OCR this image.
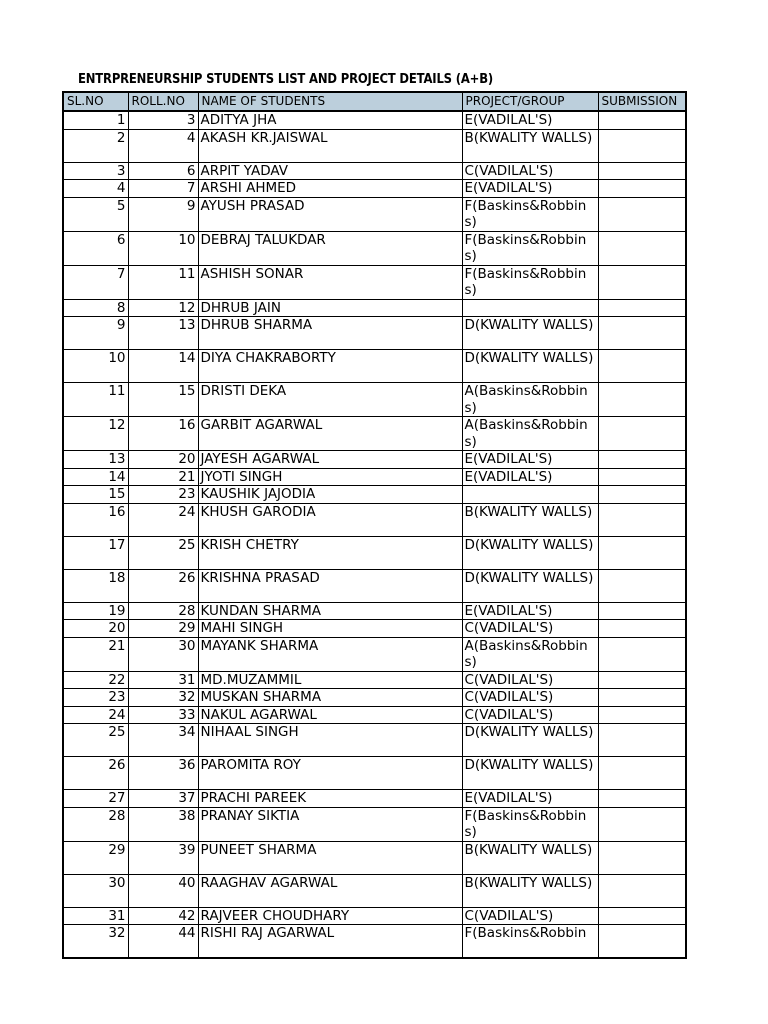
ENTRPRENEURSHIP STUDENTS LIST AND PROJECT DETAILS (A+B)
SL.NO	ROLL.NO	NAME OF STUDENTS	PROJECT/GROUP	SUBMISSION
1	3	ADITYA JHA	E(VADILAL'S)	
2	4	AKASH KR.JAISWAL	B(KWALITY WALLS)	
3	6	ARPIT YADAV	C(VADILAL'S)	
4	7	ARSHI AHMED	E(VADILAL'S)	
5	9	AYUSH PRASAD	F(Baskins&Robbins)	
6	10	DEBRAJ TALUKDAR	F(Baskins&Robbins)	
7	11	ASHISH SONAR	F(Baskins&Robbins)	
8	12	DHRUB JAIN		
9	13	DHRUB SHARMA	D(KWALITY WALLS)	
10	14	DIYA CHAKRABORTY	D(KWALITY WALLS)	
11	15	DRISTI DEKA	A(Baskins&Robbins)	
12	16	GARBIT AGARWAL	A(Baskins&Robbins)	
13	20	JAYESH AGARWAL	E(VADILAL'S)	
14	21	JYOTI SINGH	E(VADILAL'S)	
15	23	KAUSHIK JAJODIA		
16	24	KHUSH GARODIA	B(KWALITY WALLS)	
17	25	KRISH CHETRY	D(KWALITY WALLS)	
18	26	KRISHNA PRASAD	D(KWALITY WALLS)	
19	28	KUNDAN SHARMA	E(VADILAL'S)	
20	29	MAHI SINGH	C(VADILAL'S)	
21	30	MAYANK SHARMA	A(Baskins&Robbins)	
22	31	MD.MUZAMMIL	C(VADILAL'S)	
23	32	MUSKAN SHARMA	C(VADILAL'S)	
24	33	NAKUL AGARWAL	C(VADILAL'S)	
25	34	NIHAAL SINGH	D(KWALITY WALLS)	
26	36	PAROMITA ROY	D(KWALITY WALLS)	
27	37	PRACHI PAREEK	E(VADILAL'S)	
28	38	PRANAY SIKTIA	F(Baskins&Robbins)	
29	39	PUNEET SHARMA	B(KWALITY WALLS)	
30	40	RAAGHAV AGARWAL	B(KWALITY WALLS)	
31	42	RAJVEER CHOUDHARY	C(VADILAL'S)	
32	44	RISHI RAJ AGARWAL	F(Baskins&Robbin	
